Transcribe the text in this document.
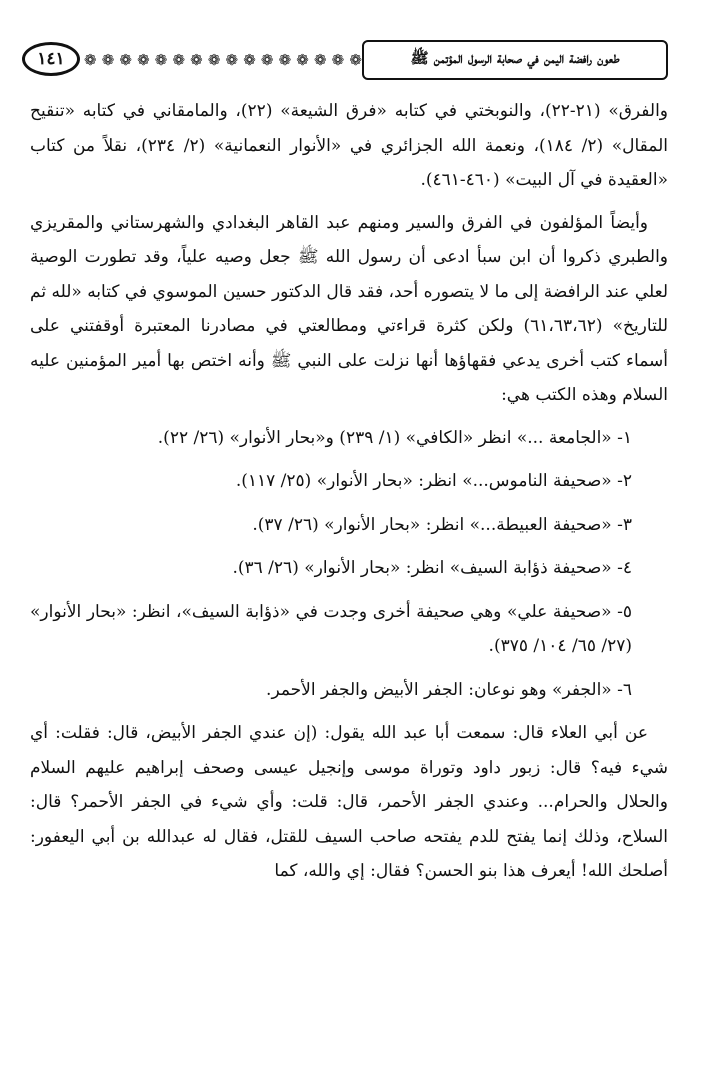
١٤١	❁ ❁ ❁ ❁ ❁ ❁ ❁ ❁ ❁ ❁ ❁ ❁ ❁ ❁ ❁ ❁	طعون رافضة اليمن في صحابة الرسول المؤتمن ﷺ

والفرق» (٢١-٢٢)، والنوبختي في كتابه «فرق الشيعة» (٢٢)، والمامقاني في كتابه «تنقيح المقال» (٢/ ١٨٤)، ونعمة الله الجزائري في «الأنوار النعمانية» (٢/ ٢٣٤)، نقلاً من كتاب «العقيدة في آل البيت» (٤٦٠-٤٦١).

وأيضاً المؤلفون في الفرق والسير ومنهم عبد القاهر البغدادي والشهرستاني والمقريزي والطبري ذكروا أن ابن سبأ ادعى أن رسول الله ﷺ جعل وصيه علياً، وقد تطورت الوصية لعلي عند الرافضة إلى ما لا يتصوره أحد، فقد قال الدكتور حسين الموسوي في كتابه «لله ثم للتاريخ» (٦١،٦٣،٦٢) ولكن كثرة قراءتي ومطالعتي في مصادرنا المعتبرة أوقفتني على أسماء كتب أخرى يدعي فقهاؤها أنها نزلت على النبي ﷺ وأنه اختص بها أمير المؤمنين عليه السلام وهذه الكتب هي:

١- «الجامعة ...» انظر «الكافي» (١/ ٢٣٩) و«بحار الأنوار» (٢٦/ ٢٢).
٢- «صحيفة الناموس...» انظر: «بحار الأنوار» (٢٥/ ١١٧).
٣- «صحيفة العبيطة...» انظر: «بحار الأنوار» (٢٦/ ٣٧).
٤- «صحيفة ذؤابة السيف» انظر: «بحار الأنوار» (٢٦/ ٣٦).
٥- «صحيفة علي» وهي صحيفة أخرى وجدت في «ذؤابة السيف»، انظر: «بحار الأنوار» (٢٧/ ٦٥/ ١٠٤/ ٣٧٥).
٦- «الجفر» وهو نوعان: الجفر الأبيض والجفر الأحمر.

عن أبي العلاء قال: سمعت أبا عبد الله يقول: (إن عندي الجفر الأبيض، قال: فقلت: أي شيء فيه؟ قال: زبور داود وتوراة موسى وإنجيل عيسى وصحف إبراهيم عليهم السلام والحلال والحرام... وعندي الجفر الأحمر، قال: قلت: وأي شيء في الجفر الأحمر؟ قال: السلاح، وذلك إنما يفتح للدم يفتحه صاحب السيف للقتل، فقال له عبدالله بن أبي اليعفور: أصلحك الله! أيعرف هذا بنو الحسن؟ فقال: إي والله، كما
